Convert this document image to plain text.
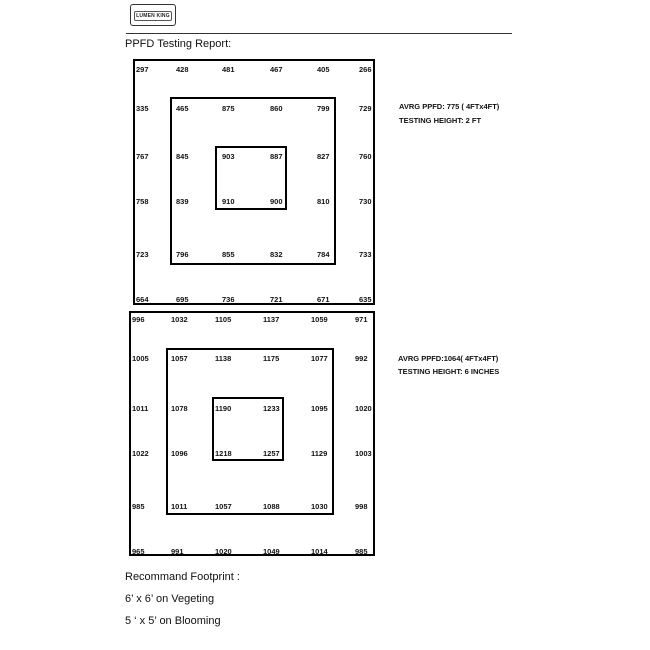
LUMEN KING
PPFD Testing Report:
297	428	481	467	405	266
335	465	875	860	799	729
767	845	903	887	827	760
758	839	910	900	810	730
723	796	855	832	784	733
664	695	736	721	671	635
AVRG PPFD: 775 ( 4FTx4FT)
TESTING HEIGHT: 2 FT
996	1032	1105	1137	1059	971
1005	1057	1138	1175	1077	992
1011	1078	1190	1233	1095	1020
1022	1096	1218	1257	1129	1003
985	1011	1057	1088	1030	998
965	991	1020	1049	1014	985
AVRG PPFD:1064( 4FTx4FT)
TESTING HEIGHT: 6 INCHES
Recommand Footprint :
6’ x 6’ on Vegeting
5 ‘ x 5’ on Blooming
